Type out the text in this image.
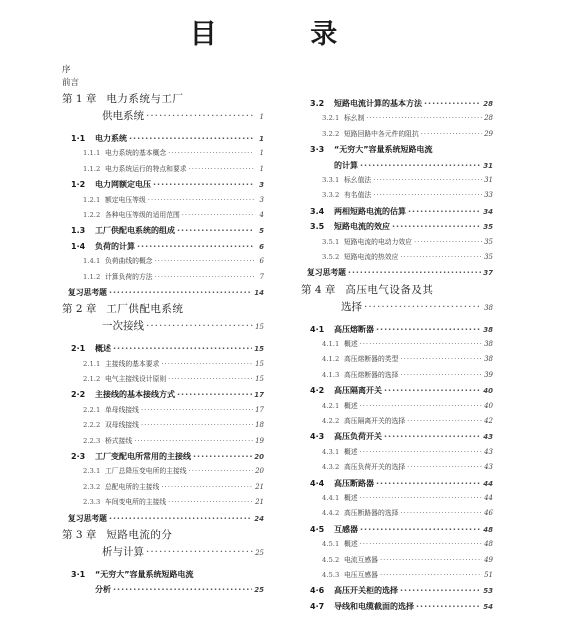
目 录
序
前言
第 1 章 电力系统与工厂
供电系统 ·····	1
1·1	电力系统 ·····	1
1.1.1 电力系统的基本概念 ·····	1
1.1.2 电力系统运行的特点和要求 ·····	1
1·2	电力网额定电压 ·····	3
1.2.1 额定电压等级 ·····	3
1.2.2 各种电压等级的适用范围 ·····	4
1.3	工厂供配电系统的组成 ·····	5
1·4	负荷的计算 ·····	6
1.4.1 负荷曲线的概念 ·····	6
1.1.2 计算负荷的方法 ·····	7
复习思考题 ·····	14
第 2 章 工厂供配电系统
一次接线 ·····	15
2·1	概述 ·····	15
2.1.1 主接线的基本要求 ·····	15
2.1.2 电气主接线设计原则 ·····	15
2·2	主接线的基本接线方式 ·····	17
2.2.1 单母线接线 ·····	17
2.2.2 双母线接线 ·····	18
2.2.3 桥式接线 ·····	19
2·3	工厂变配电所常用的主接线 ·····	20
2.3.1 工厂总降压变电所的主接线 ·····	20
2.3.2 总配电所的主接线 ·····	21
2.3.3 车间变电所的主接线 ·····	21
复习思考题 ·····	24
第 3 章 短路电流的分
析与计算 ·····	25
3·1	“无穷大”容量系统短路电流
分析 ·····	25
3.2	短路电流计算的基本方法 ·····	28
3.2.1 标幺制 ·····	28
3.2.2 短路回路中各元件的阻抗 ·····	29
3·3	“无穷大”容量系统短路电流
的计算 ·····	31
3.3.1 标幺值法 ·····	31
3.3.2 有名值法 ·····	33
3.4	两相短路电流的估算 ·····	34
3.5	短路电流的效应 ·····	35
3.5.1 短路电流的电动力效应 ·····	35
3.5.2 短路电流的热效应 ·····	35
复习思考题 ·····	37
第 4 章 高压电气设备及其
选择 ·····	38
4·1	高压熔断器 ·····	38
4.1.1 概述 ·····	38
4.1.2 高压熔断器的类型 ·····	38
4.1.3 高压熔断器的选择 ·····	39
4·2	高压隔离开关 ·····	40
4.2.1 概述 ·····	40
4.2.2 高压隔离开关的选择 ·····	42
4·3	高压负荷开关 ·····	43
4.3.1 概述 ·····	43
4.3.2 高压负荷开关的选择 ·····	43
4·4	高压断路器 ·····	44
4.4.1 概述 ·····	44
4.4.2 高压断路器的选择 ·····	46
4·5	互感器 ·····	48
4.5.1 概述 ·····	48
4.5.2 电流互感器 ·····	49
4.5.3 电压互感器 ·····	51
4·6	高压开关柜的选择 ·····	53
4·7	导线和电缆截面的选择 ·····	54
